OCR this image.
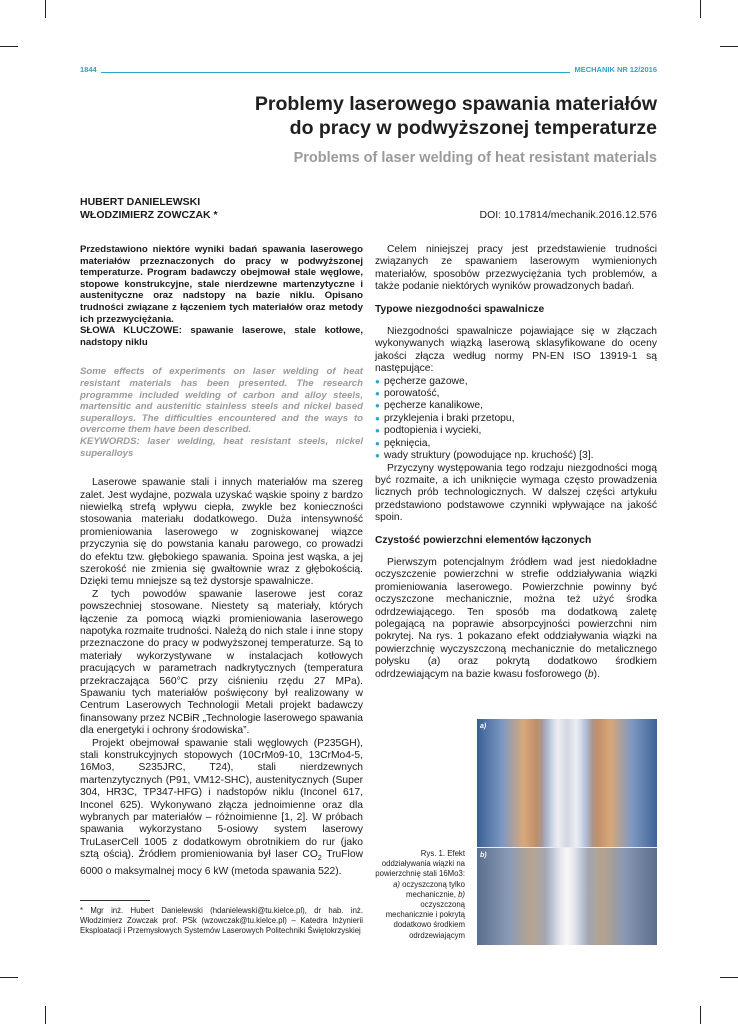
1844	MECHANIK NR 12/2016
Problemy laserowego spawania materiałów
do pracy w podwyższonej temperaturze
Problems of laser welding of heat resistant materials
HUBERT DANIELEWSKI
WŁODZIMIERZ ZOWCZAK *	DOI: 10.17814/mechanik.2016.12.576
Przedstawiono niektóre wyniki badań spawania laserowego materiałów przeznaczonych do pracy w podwyższonej temperaturze. Program badawczy obejmował stale węglowe, stopowe konstrukcyjne, stale nierdzewne martenzytyczne i austenityczne oraz nadstopy na bazie niklu. Opisano trudności związane z łączeniem tych materiałów oraz metody ich przezwyciężania.
SŁOWA KLUCZOWE: spawanie laserowe, stale kotłowe, nadstopy niklu
Some effects of experiments on laser welding of heat resistant materials has been presented. The research programme included welding of carbon and alloy steels, martensitic and austenitic stainless steels and nickel based superalloys. The difficulties encountered and the ways to overcome them have been described.
KEYWORDS: laser welding, heat resistant steels, nickel superalloys

Laserowe spawanie stali i innych materiałów ma szereg zalet. Jest wydajne, pozwala uzyskać wąskie spoiny z bardzo niewielką strefą wpływu ciepła, zwykle bez konieczności stosowania materiału dodatkowego. Duża intensywność promieniowania laserowego w zogniskowanej wiązce przyczynia się do powstania kanału parowego, co prowadzi do efektu tzw. głębokiego spawania. Spoina jest wąska, a jej szerokość nie zmienia się gwałtownie wraz z głębokością. Dzięki temu mniejsze są też dystorsje spawalnicze.

Z tych powodów spawanie laserowe jest coraz powszechniej stosowane. Niestety są materiały, których łączenie za pomocą wiązki promieniowania laserowego napotyka rozmaite trudności. Należą do nich stale i inne stopy przeznaczone do pracy w podwyższonej temperaturze. Są to materiały wykorzystywane w instalacjach kotłowych pracujących w parametrach nadkrytycznych (temperatura przekraczająca 560°C przy ciśnieniu rzędu 27 MPa). Spawaniu tych materiałów poświęcony był realizowany w Centrum Laserowych Technologii Metali projekt badawczy finansowany przez NCBiR „Technologie laserowego spawania dla energetyki i ochrony środowiska”.

Projekt obejmował spawanie stali węglowych (P235GH), stali konstrukcyjnych stopowych (10CrMo9-10, 13CrMo4-5, 16Mo3, S235JRC, T24), stali nierdzewnych martenzytycznych (P91, VM12-SHC), austenitycznych (Super 304, HR3C, TP347-HFG) i nadstopów niklu (Inconel 617, Inconel 625). Wykonywano złącza jednoimienne oraz dla wybranych par materiałów – różnoimienne [1, 2]. W próbach spawania wykorzystano 5-osiowy system laserowy TruLaserCell 1005 z dodatkowym obrotnikiem do rur (jako sztą ością). Źródłem promieniowania był laser $CO_2$ TruFlow 6000 o maksymalnej mocy 6 kW (metoda spawania 522).

* Mgr inż. Hubert Danielewski (hdanielewski@tu.kielce.pl), dr hab. inż. Włodzimierz Zowczak prof. PSk (wzowczak@tu.kielce.pl) – Katedra Inżynierii Eksploatacji i Przemysłowych Systemów Laserowych Politechniki Świętokrzyskiej

Celem niniejszej pracy jest przedstawienie trudności związanych ze spawaniem laserowym wymienionych materiałów, sposobów przezwyciężania tych problemów, a także podanie niektórych wyników prowadzonych badań.

Typowe niezgodności spawalnicze

Niezgodności spawalnicze pojawiające się w złączach wykonywanych wiązką laserową sklasyfikowane do oceny jakości złącza według normy PN-EN ISO 13919-1 są następujące:

● pęcherze gazowe,
● porowatość,
● pęcherze kanalikowe,
● przyklejenia i braki przetopu,
● podtopienia i wycieki,
● pęknięcia,
● wady struktury (powodujące np. kruchość) [3].

Przyczyny występowania tego rodzaju niezgodności mogą być rozmaite, a ich uniknięcie wymaga często prowadzenia licznych prób technologicznych. W dalszej części artykułu przedstawiono podstawowe czynniki wpływające na jakość spoin.

Czystość powierzchni elementów łączonych

Pierwszym potencjalnym źródłem wad jest niedokładne oczyszczenie powierzchni w strefie oddziaływania wiązki promieniowania laserowego. Powierzchnie powinny być oczyszczone mechanicznie, można też użyć środka odrdzewiającego. Ten sposób ma dodatkową zaletę polegającą na poprawie absorpcyjności powierzchni nim pokrytej. Na rys. 1 pokazano efekt oddziaływania wiązki na powierzchnię wyczyszczoną mechanicznie do metalicznego połysku (a) oraz pokrytą dodatkowo środkiem odrdzewiającym na bazie kwasu fosforowego (b).

a)
b)
Rys. 1. Efekt oddziaływania wiązki na powierzchnię stali 16Mo3: a) oczyszczoną tylko mechanicznie, b) oczyszczoną mechanicznie i pokrytą dodatkowo środkiem odrdzewiającym
